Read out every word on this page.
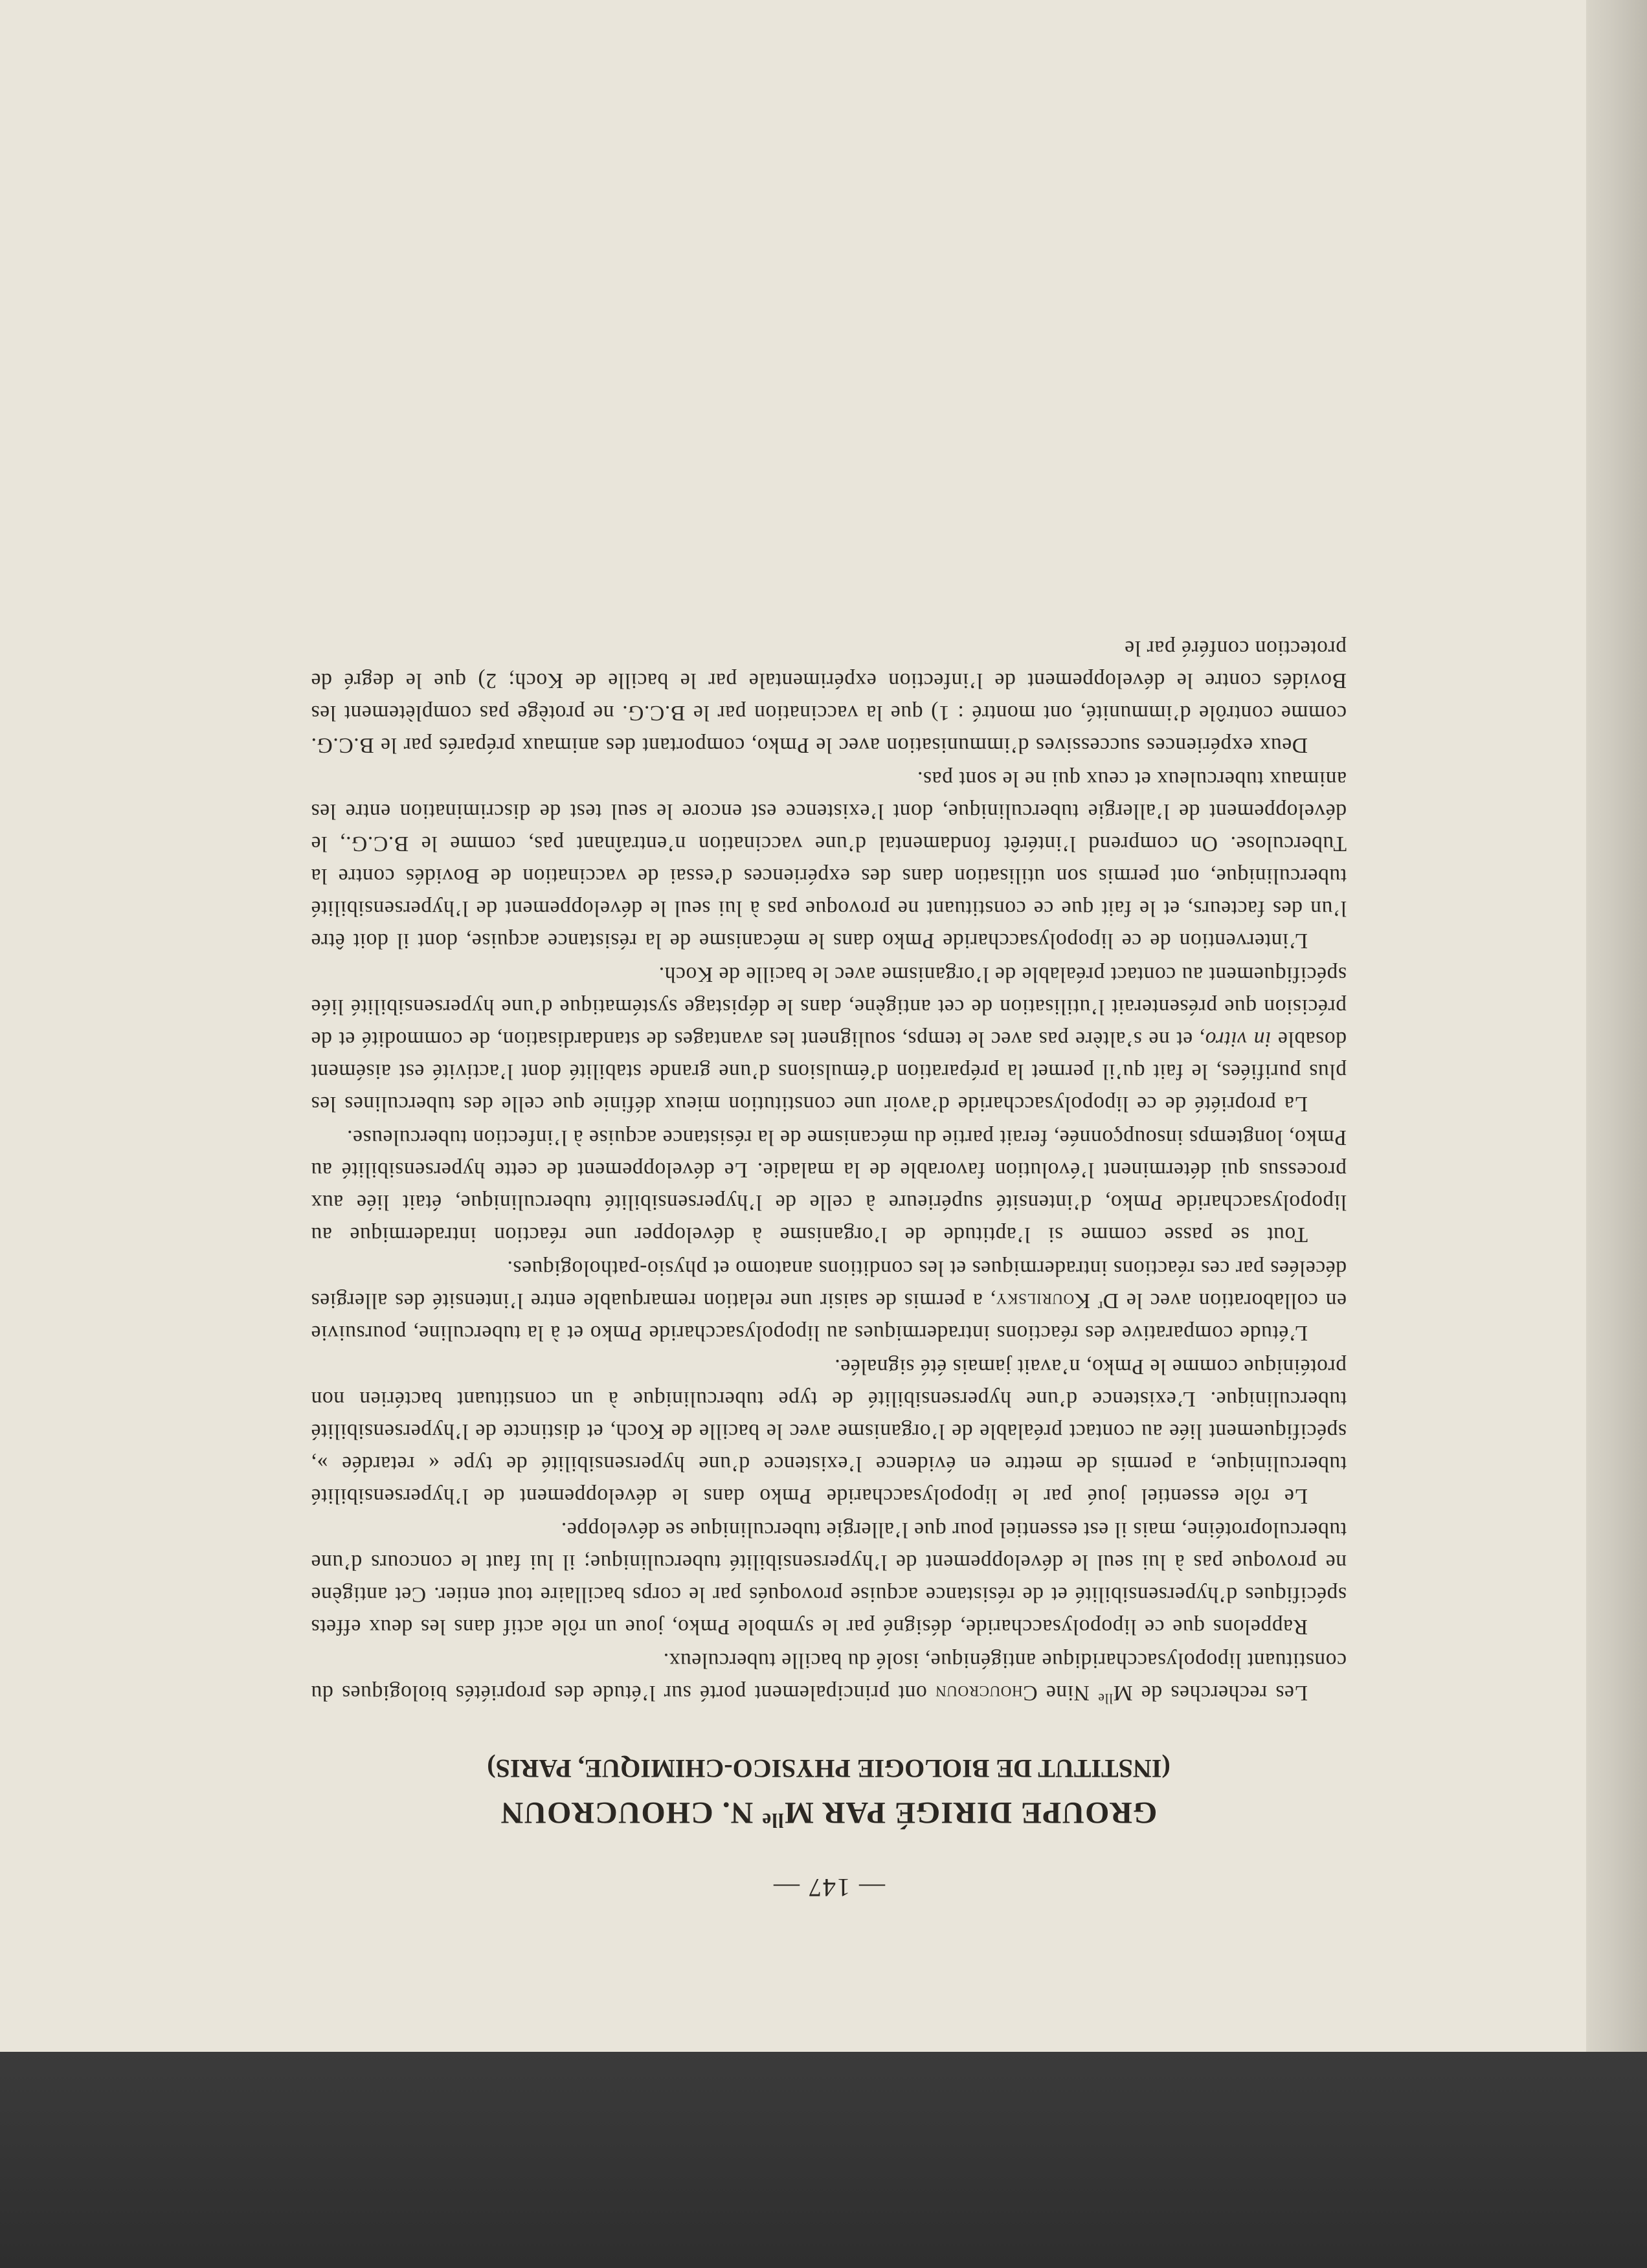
— 147 —
GROUPE DIRIGÉ PAR $M^{lle}$ N. CHOUCROUN
(INSTITUT DE BIOLOGIE PHYSICO-CHIMIQUE, PARIS)

Les recherches de $M^{lle}$ Nine Choucroun ont principalement porté sur l’étude des propriétés biologiques du constituant lipopolysaccharidique antigénique, isolé du bacille tuberculeux.

Rappelons que ce lipopolysaccharide, désigné par le symbole Pmko, joue un rôle actif dans les deux effets spécifiques d’hypersensibilité et de résistance acquise provoqués par le corps bacillaire tout entier. Cet antigène ne provoque pas à lui seul le développement de l’hypersensibilité tuberculinique; il lui faut le concours d’une tuberculoprotéine, mais il est essentiel pour que l’allergie tuberculinique se développe.

Le rôle essentiel joué par le lipopolysaccharide Pmko dans le développement de l’hypersensibilité tuberculinique, a permis de mettre en évidence l’existence d’une hypersensibilité de type « retardée », spécifiquement liée au contact préalable de l’organisme avec le bacille de Koch, et distincte de l’hypersensibilité tuberculinique. L’existence d’une hypersensibilité de type tuberculinique à un constituant bactérien non protéinique comme le Pmko, n’avait jamais été signalée.

L’étude comparative des réactions intradermiques au lipopolysaccharide Pmko et à la tuberculine, poursuivie en collaboration avec le $D^r$ Kourilsky, a permis de saisir une relation remarquable entre l’intensité des allergies décelées par ces réactions intradermiques et les conditions anatomo et physio-pathologiques.

Tout se passe comme si l’aptitude de l’organisme à développer une réaction intradermique au lipopolysaccharide Pmko, d’intensité supérieure à celle de l’hypersensibilité tuberculinique, était liée aux processus qui déterminent l’évolution favorable de la maladie. Le développement de cette hypersensibilité au Pmko, longtemps insoupçonnée, ferait partie du mécanisme de la résistance acquise à l’infection tuberculeuse.

La propriété de ce lipopolysaccharide d’avoir une constitution mieux définie que celle des tuberculines les plus purifiées, le fait qu’il permet la préparation d’émulsions d’une grande stabilité dont l’activité est aisément dosable in vitro, et ne s’altère pas avec le temps, soulignent les avantages de standardisation, de commodité et de précision que présenterait l’utilisation de cet antigène, dans le dépistage systématique d’une hypersensibilité liée spécifiquement au contact préalable de l’organisme avec le bacille de Koch.

L’intervention de ce lipopolysaccharide Pmko dans le mécanisme de la résistance acquise, dont il doit être l’un des facteurs, et le fait que ce constituant ne provoque pas à lui seul le développement de l’hypersensibilité tuberculinique, ont permis son utilisation dans des expériences d’essai de vaccination de Bovidés contre la Tuberculose. On comprend l’intérêt fondamental d’une vaccination n’entraînant pas, comme le B.C.G., le développement de l’allergie tuberculinique, dont l’existence est encore le seul test de discrimination entre les animaux tuberculeux et ceux qui ne le sont pas.

Deux expériences successives d’immunisation avec le Pmko, comportant des animaux préparés par le B.C.G. comme contrôle d’immunité, ont montré : 1) que la vaccination par le B.C.G. ne protège pas complètement les Bovidés contre le développement de l’infection expérimentale par le bacille de Koch; 2) que le degré de protection conféré par le
